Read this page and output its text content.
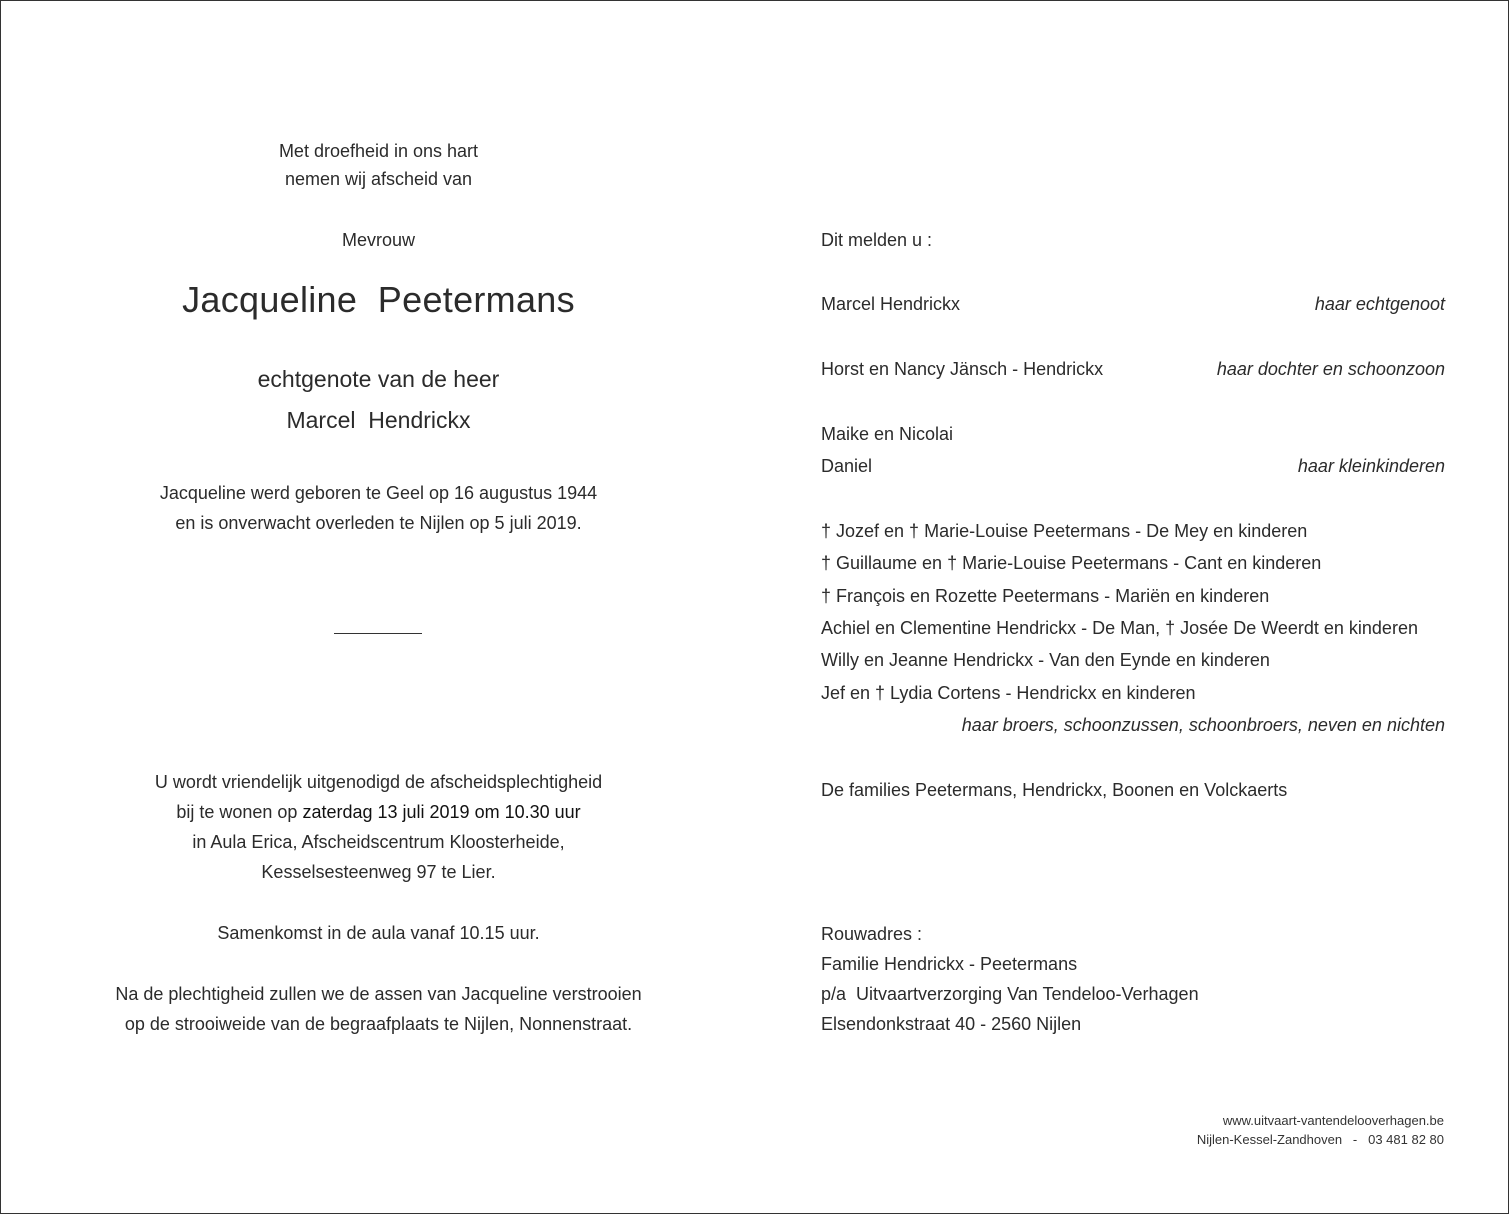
Met droefheid in ons hart
nemen wij afscheid van
Mevrouw
Jacqueline  Peetermans
echtgenote van de heer
Marcel  Hendrickx
Jacqueline werd geboren te Geel op 16 augustus 1944
en is onverwacht overleden te Nijlen op 5 juli 2019.
U wordt vriendelijk uitgenodigd de afscheidsplechtigheid
bij te wonen op zaterdag 13 juli 2019 om 10.30 uur
in Aula Erica, Afscheidscentrum Kloosterheide,
Kesselsesteenweg 97 te Lier.
Samenkomst in de aula vanaf 10.15 uur.
Na de plechtigheid zullen we de assen van Jacqueline verstrooien
op de strooiweide van de begraafplaats te Nijlen, Nonnenstraat.
Dit melden u :
Marcel Hendrickx	haar echtgenoot
Horst en Nancy Jänsch - Hendrickx	haar dochter en schoonzoon
Maike en Nicolai
Daniel	haar kleinkinderen
† Jozef en † Marie-Louise Peetermans - De Mey en kinderen
† Guillaume en † Marie-Louise Peetermans - Cant en kinderen
† François en Rozette Peetermans - Mariën en kinderen
Achiel en Clementine Hendrickx - De Man, † Josée De Weerdt en kinderen
Willy en Jeanne Hendrickx - Van den Eynde en kinderen
Jef en † Lydia Cortens - Hendrickx en kinderen
haar broers, schoonzussen, schoonbroers, neven en nichten
De families Peetermans, Hendrickx, Boonen en Volckaerts
Rouwadres :
Familie Hendrickx - Peetermans
p/a  Uitvaartverzorging Van Tendeloo-Verhagen
Elsendonkstraat 40 - 2560 Nijlen
www.uitvaart-vantendelooverhagen.be
Nijlen-Kessel-Zandhoven   -   03 481 82 80
